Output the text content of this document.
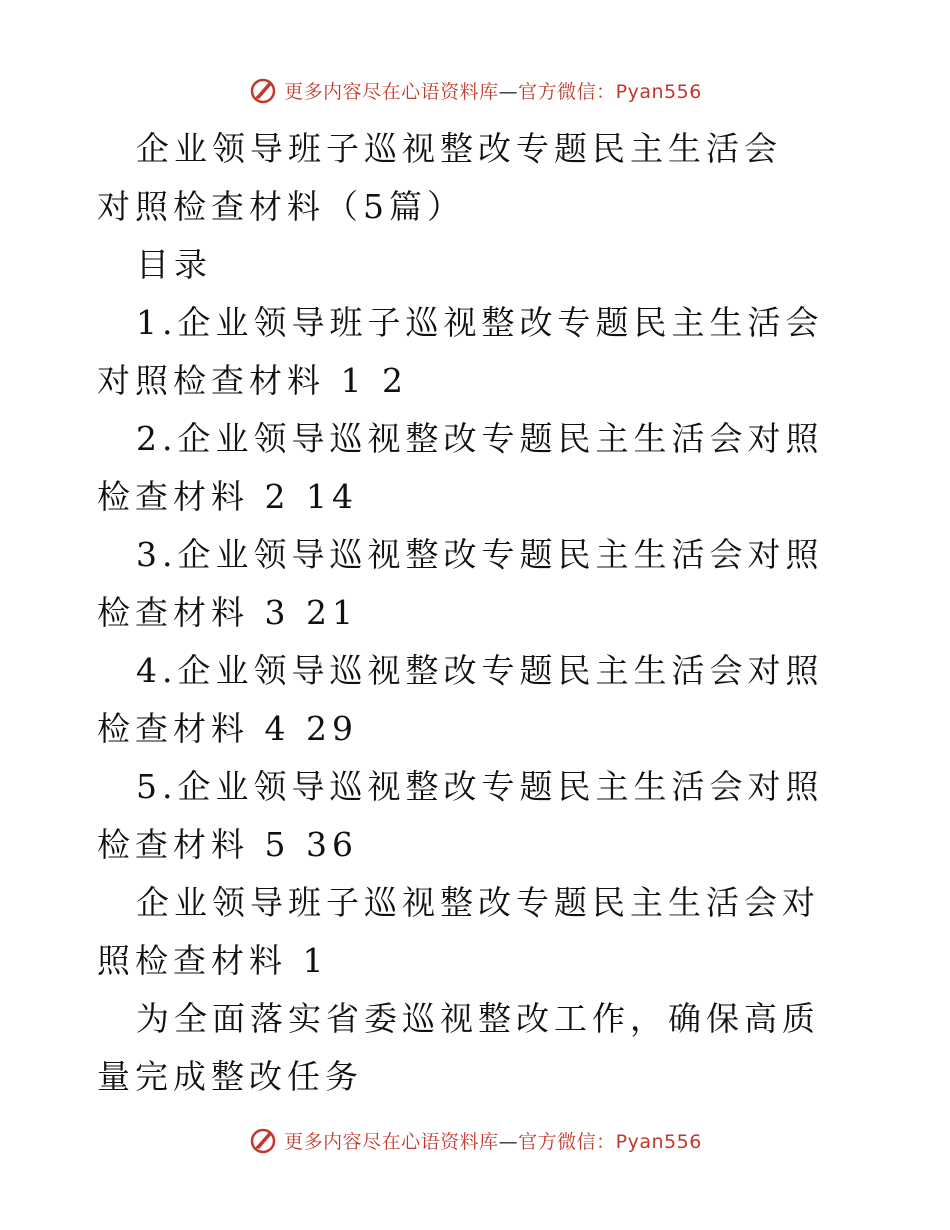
更多内容尽在心语资料库—官方微信：Pyan556

企业领导班子巡视整改专题民主生活会对照检查材料（5篇）

目录

1.企业领导班子巡视整改专题民主生活会对照检查材料 1 2

2.企业领导巡视整改专题民主生活会对照检查材料 2 14

3.企业领导巡视整改专题民主生活会对照检查材料 3 21

4.企业领导巡视整改专题民主生活会对照检查材料 4 29

5.企业领导巡视整改专题民主生活会对照检查材料 5 36

企业领导班子巡视整改专题民主生活会对照检查材料 1

为全面落实省委巡视整改工作，确保高质量完成整改任务

更多内容尽在心语资料库—官方微信：Pyan556
